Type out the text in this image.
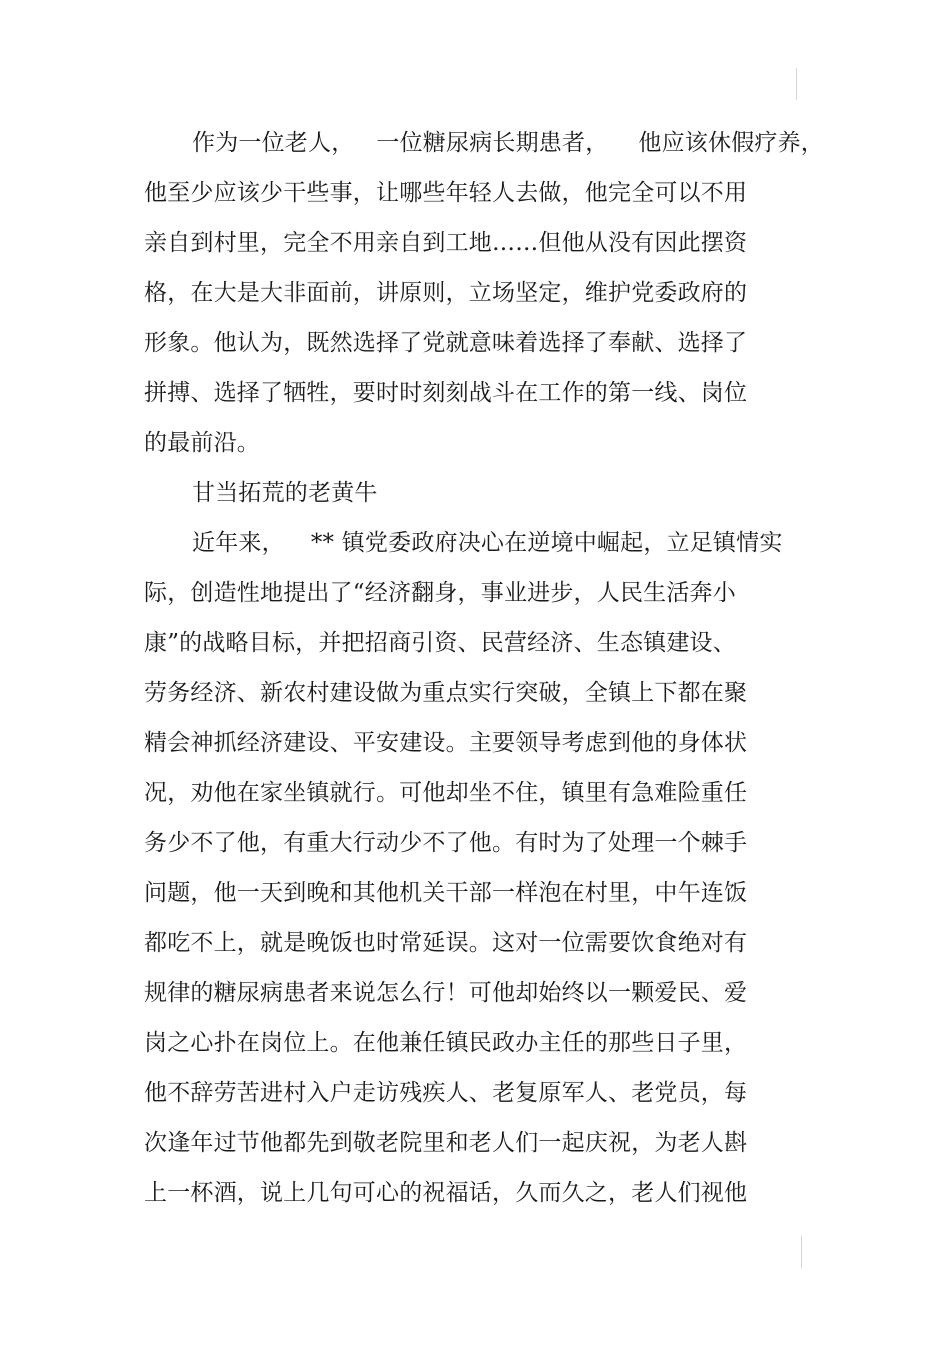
作为一位老人， 一位糖尿病长期患者， 他应该休假疗养，
他至少应该少干些事，让哪些年轻人去做，他完全可以不用
亲自到村里，完全不用亲自到工地……但他从没有因此摆资
格，在大是大非面前，讲原则，立场坚定，维护党委政府的
形象。他认为，既然选择了党就意味着选择了奉献、选择了
拼搏、选择了牺牲，要时时刻刻战斗在工作的第一线、岗位
的最前沿。
甘当拓荒的老黄牛
近年来， ** 镇党委政府决心在逆境中崛起，立足镇情实
际，创造性地提出了“经济翻身，事业进步，人民生活奔小
康”的战略目标，并把招商引资、民营经济、生态镇建设、
劳务经济、新农村建设做为重点实行突破，全镇上下都在聚
精会神抓经济建设、平安建设。主要领导考虑到他的身体状
况，劝他在家坐镇就行。可他却坐不住，镇里有急难险重任
务少不了他，有重大行动少不了他。有时为了处理一个棘手
问题，他一天到晚和其他机关干部一样泡在村里，中午连饭
都吃不上，就是晚饭也时常延误。这对一位需要饮食绝对有
规律的糖尿病患者来说怎么行！可他却始终以一颗爱民、爱
岗之心扑在岗位上。在他兼任镇民政办主任的那些日子里，
他不辞劳苦进村入户走访残疾人、老复原军人、老党员，每
次逢年过节他都先到敬老院里和老人们一起庆祝，为老人斟
上一杯酒，说上几句可心的祝福话，久而久之，老人们视他
